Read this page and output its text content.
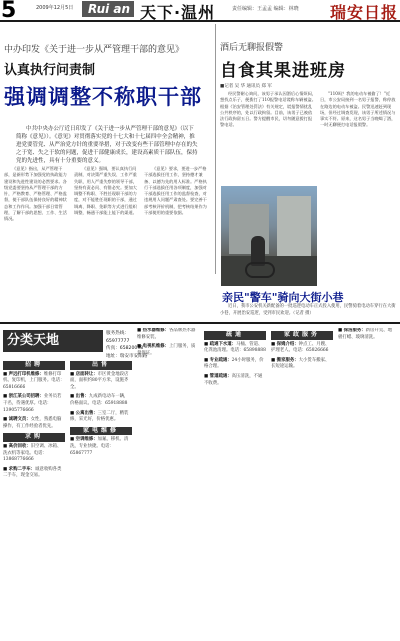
5	2009年12月5日	Rui an 天下·温州	责任编辑：王孟孟 编辑：林晓 瑞安日报
中办印发《关于进一步从严管理干部的意见》
认真执行问责制
强调调整不称职干部
中共中央办公厅近日印发了《关于进一步从严管理干部的意见》（以下简称《意见》）。《意见》对贯彻落实党的十七大和十七届四中全会精神，推进党要管党、从严治党方针的重要举措，对于改变有些干部管理中存在的失之于宽、失之于软的问题，促进干部健康成长，建设高素质干部队伍，保持党的先进性，具有十分重要的意义。
《意见》指出，从严管理干部，是新形势下加强党的执政能力建设和先进性建设的必然要求。各级党委要坚持从严管理干部的方针，严格教育、严格管理、严格监督，使干部队伍保持良好的精神状态和工作作风。加强干部日常管理，了解干部的思想、工作、生活情况。
《意见》强调，要认真执行问责制，对决策严重失误、工作严重失职、用人严重失察的领导干部，坚持有责必问、有错必究。要加大调整不称职、不胜任现职干部的力度，对不能胜任现职的干部，通过调离、降职、免职等方式进行组织调整，畅通干部能上能下的渠道。
《意见》要求，要进一步严格干部选拔任用工作，坚持德才兼备、以德为先的用人标准。严格执行干部选拔任用各项制度，加强对干部选拔任用工作的监督检查，对违规用人问题严肃查处。要完善干部考核评价机制，把考核结果作为干部使用的重要依据。
酒后无聊报假警
自食其果进班房
■记者 吴 华 通讯员 郑 军
"110吗？我的电动车被偷了！"近日，市公安局接到一名男子报警，称停放在路边的电动车被盗。民警迅速赶到现场，但经过调查发现，该男子所述情况与事实不符。原来，这名男子当晚喝了酒，一时无聊便打电话报假警。
经民警耐心询问，该男子承认因酒后心情烦闷，想找点乐子，便拨打了110报警电话谎称车辆被盗。根据《治安管理处罚法》有关规定，谎报警情扰乱公共秩序的，处以行政拘留。目前，该男子已被依法行政拘留五日。警方提醒市民，切勿随意拨打报警电话。
亲民"警车"骑向大街小巷
近日，我市公安机关新配备的一批巡逻电动车正式投入使用，民警骑着电动车穿行在大街小巷，开展治安巡逻，受到市民欢迎。（记者 摄）
分类天地	服务热线：65977777
传真：65820098
地址：瑞安市安阳路
招聘
■ 声远打印机维修：维修打印机、复印机，上门服务。电话：65816666
■ 浙江某公司招聘：业务员若干名，待遇优厚。电话：13905776666
■ 诚聘文员：女性，熟悉电脑操作，有工作经验者优先。
求购
■ 高价回收：旧空调、冰箱、洗衣机等家电。电话：13868776666
■ 求购二手车：诚意收购各类二手车，现金交易。
出售
■ 店面转让：市区黄金地段店面，面积约80平方米，设施齐全。
■ 出售：九成新电动车一辆，价格面议。电话：65918888
■ 公寓出售：三室二厅，精装修，采光好，价格优惠。
家电维修
■ 空调维修：加氟、移机、清洗，专业快捷。电话：65867777
■ 热水器维修：各品牌热水器维修安装。
■ 电视机维修：上门服务，质量保证。
疏通
■ 疏通下水道：马桶、管道、化粪池清理。电话：65898888
■ 专业疏通：24小时服务，价格合理。
■ 管道疏通：高压清洗，不通不收费。
家政服务
■ 保姆介绍：钟点工、月嫂、护理老人。电话：65826666
■ 搬家服务：大小货车搬家、长短途运输。
■ 保洁服务：新房开荒、地板打蜡、玻璃清洗。
